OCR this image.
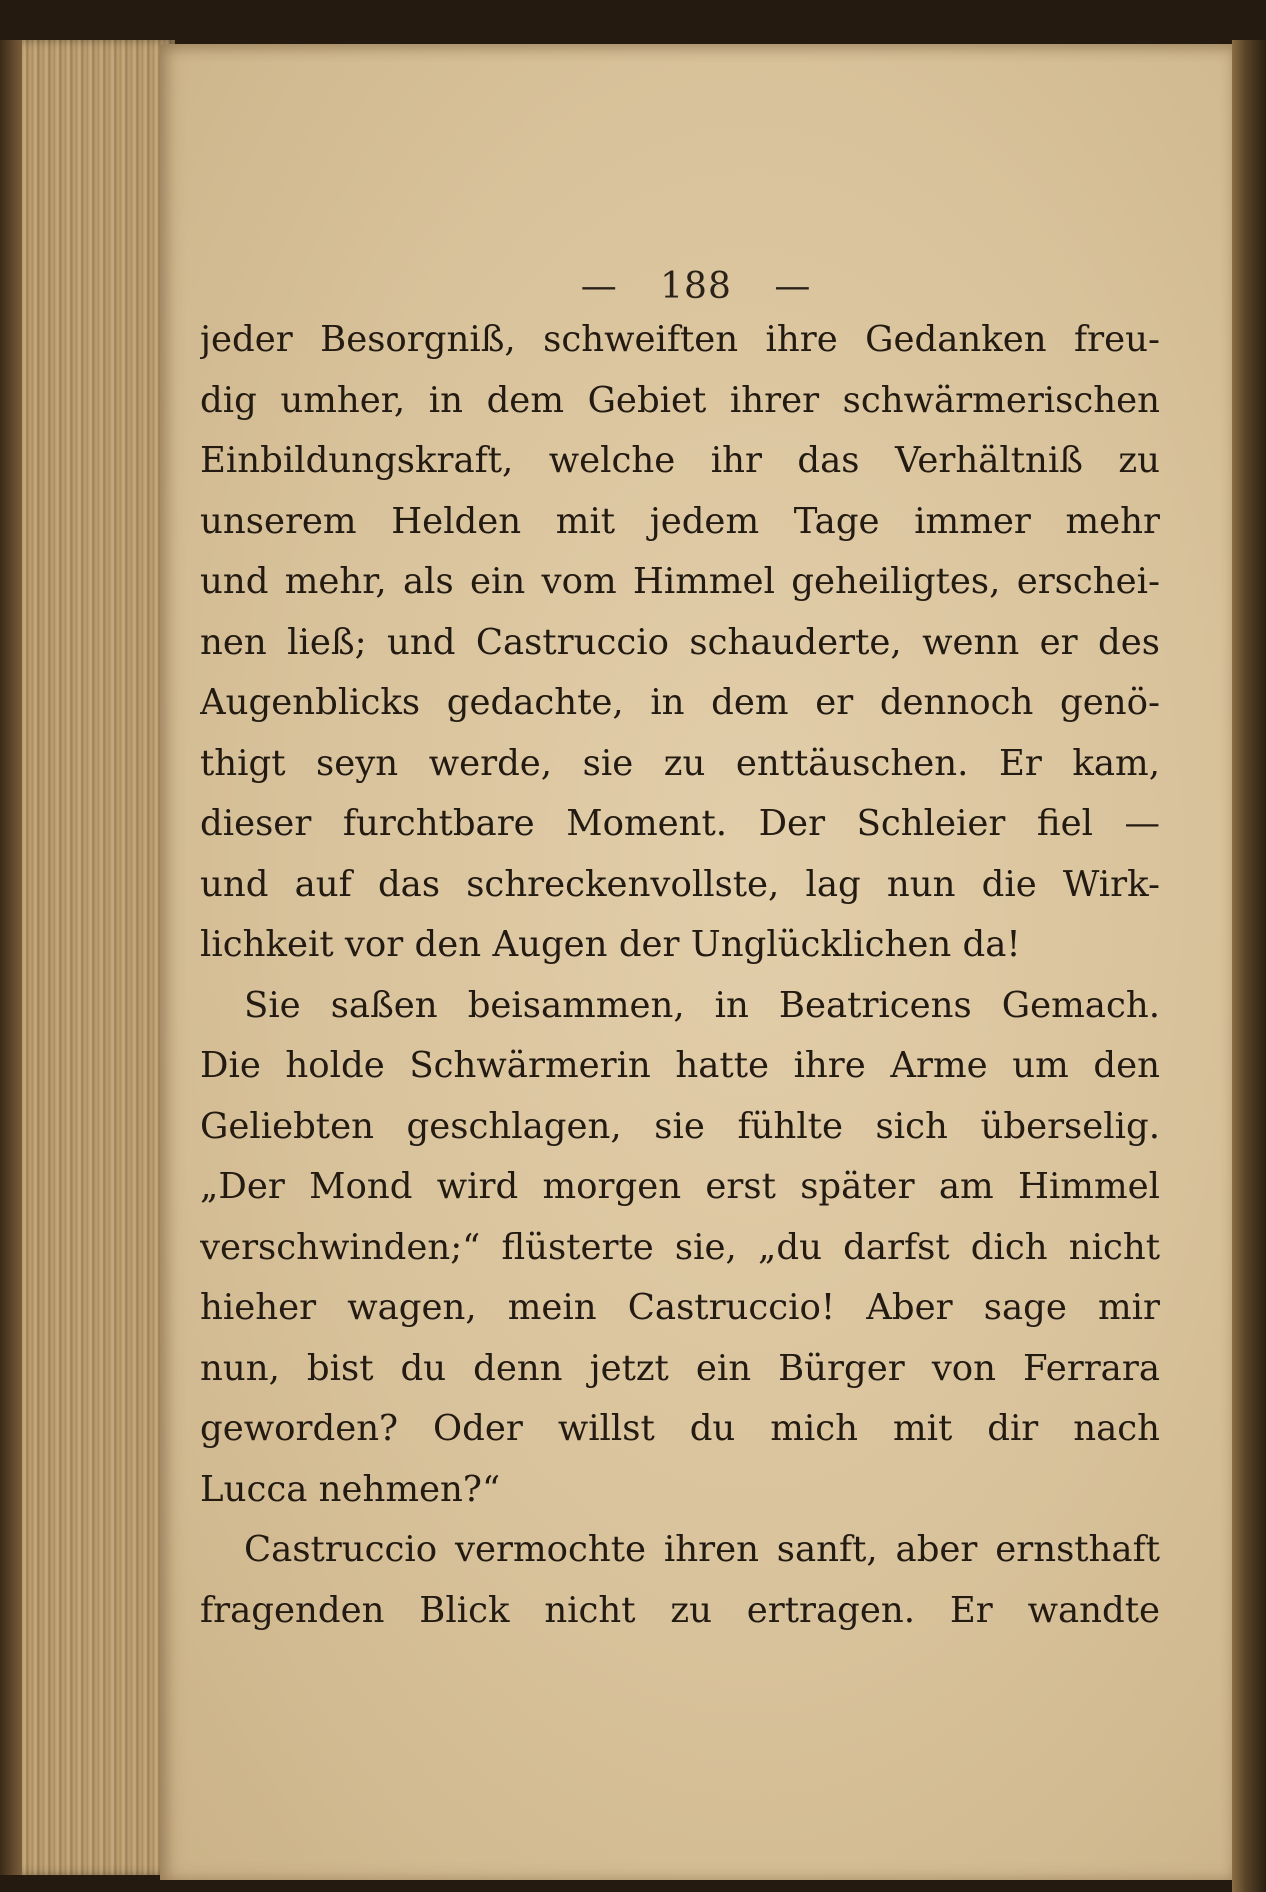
— 188 —
jeder Besorgniß, schweiften ihre Gedanken freu-
dig umher, in dem Gebiet ihrer schwärmerischen
Einbildungskraft, welche ihr das Verhältniß zu
unserem Helden mit jedem Tage immer mehr
und mehr, als ein vom Himmel geheiligtes, erschei-
nen ließ; und Castruccio schauderte, wenn er des
Augenblicks gedachte, in dem er dennoch genö-
thigt seyn werde, sie zu enttäuschen. Er kam,
dieser furchtbare Moment. Der Schleier fiel —
und auf das schreckenvollste, lag nun die Wirk-
lichkeit vor den Augen der Unglücklichen da!
Sie saßen beisammen, in Beatricens Gemach.
Die holde Schwärmerin hatte ihre Arme um den
Geliebten geschlagen, sie fühlte sich überselig.
„Der Mond wird morgen erst später am Himmel
verschwinden;“ flüsterte sie, „du darfst dich nicht
hieher wagen, mein Castruccio! Aber sage mir
nun, bist du denn jetzt ein Bürger von Ferrara
geworden? Oder willst du mich mit dir nach
Lucca nehmen?“
Castruccio vermochte ihren sanft, aber ernsthaft
fragenden Blick nicht zu ertragen. Er wandte
